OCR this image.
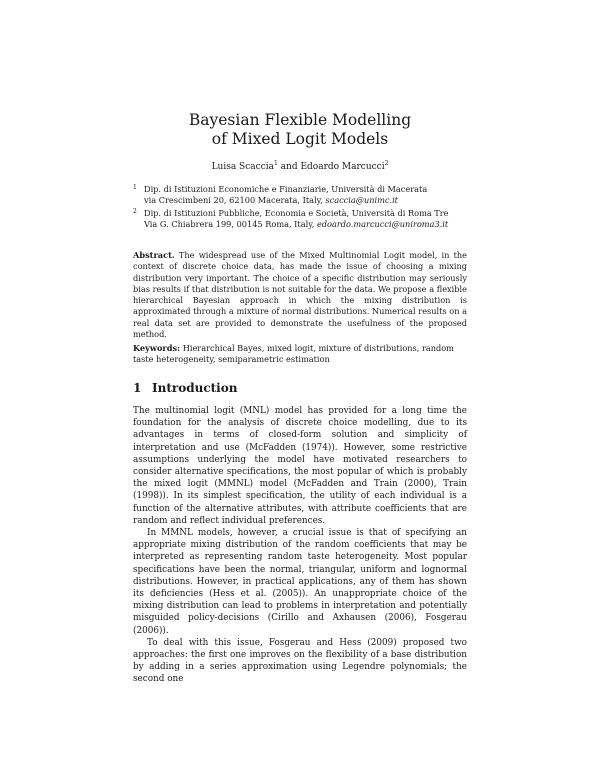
Bayesian Flexible Modelling
of Mixed Logit Models
Luisa Scaccia$^1$ and Edoardo Marcucci$^2$
1 Dip. di Istituzioni Economiche e Finanziarie, Università di Macerata
via Crescimbeni 20, 62100 Macerata, Italy, scaccia@unimc.it
2 Dip. di Istituzioni Pubbliche, Economia e Società, Università di Roma Tre
Via G. Chiabrera 199, 00145 Roma, Italy, edoardo.marcucci@uniroma3.it
Abstract. The widespread use of the Mixed Multinomial Logit model, in the context of discrete choice data, has made the issue of choosing a mixing distribution very important. The choice of a specific distribution may seriously bias results if that distribution is not suitable for the data. We propose a flexible hierarchical Bayesian approach in which the mixing distribution is approximated through a mixture of normal distributions. Numerical results on a real data set are provided to demonstrate the usefulness of the proposed method.
Keywords: Hierarchical Bayes, mixed logit, mixture of distributions, random taste heterogeneity, semiparametric estimation
1 Introduction

The multinomial logit (MNL) model has provided for a long time the foundation for the analysis of discrete choice modelling, due to its advantages in terms of closed-form solution and simplicity of interpretation and use (McFadden (1974)). However, some restrictive assumptions underlying the model have motivated researchers to consider alternative specifications, the most popular of which is probably the mixed logit (MMNL) model (McFadden and Train (2000), Train (1998)). In its simplest specification, the utility of each individual is a function of the alternative attributes, with attribute coefficients that are random and reflect individual preferences.

In MMNL models, however, a crucial issue is that of specifying an appropriate mixing distribution of the random coefficients that may be interpreted as representing random taste heterogeneity. Most popular specifications have been the normal, triangular, uniform and lognormal distributions. However, in practical applications, any of them has shown its deficiencies (Hess et al. (2005)). An unappropriate choice of the mixing distribution can lead to problems in interpretation and potentially misguided policy-decisions (Cirillo and Axhausen (2006), Fosgerau (2006)).

To deal with this issue, Fosgerau and Hess (2009) proposed two approaches: the first one improves on the flexibility of a base distribution by adding in a series approximation using Legendre polynomials; the second one
